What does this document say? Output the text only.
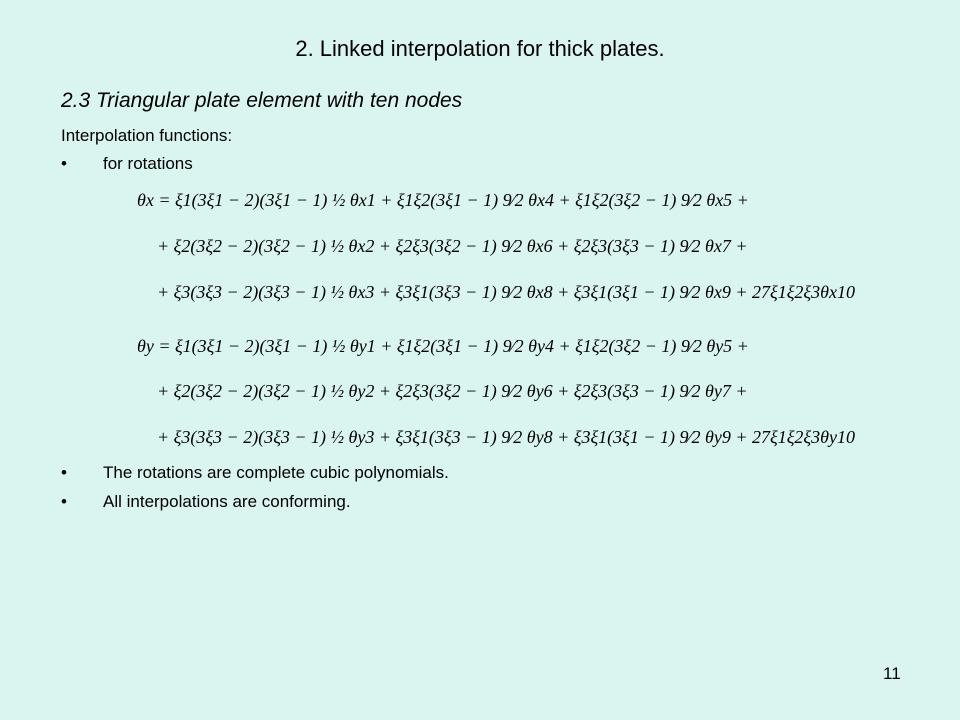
2. Linked interpolation for thick plates.
2.3 Triangular plate element with ten nodes
Interpolation functions:
• for rotations
θx = ξ1(3ξ1 − 2)(3ξ1 − 1) ½ θx1 + ξ1ξ2(3ξ1 − 1) 9⁄2 θx4 + ξ1ξ2(3ξ2 − 1) 9⁄2 θx5 +
+ ξ2(3ξ2 − 2)(3ξ2 − 1) ½ θx2 + ξ2ξ3(3ξ2 − 1) 9⁄2 θx6 + ξ2ξ3(3ξ3 − 1) 9⁄2 θx7 +
+ ξ3(3ξ3 − 2)(3ξ3 − 1) ½ θx3 + ξ3ξ1(3ξ3 − 1) 9⁄2 θx8 + ξ3ξ1(3ξ1 − 1) 9⁄2 θx9 + 27ξ1ξ2ξ3θx10
θy = ξ1(3ξ1 − 2)(3ξ1 − 1) ½ θy1 + ξ1ξ2(3ξ1 − 1) 9⁄2 θy4 + ξ1ξ2(3ξ2 − 1) 9⁄2 θy5 +
+ ξ2(3ξ2 − 2)(3ξ2 − 1) ½ θy2 + ξ2ξ3(3ξ2 − 1) 9⁄2 θy6 + ξ2ξ3(3ξ3 − 1) 9⁄2 θy7 +
+ ξ3(3ξ3 − 2)(3ξ3 − 1) ½ θy3 + ξ3ξ1(3ξ3 − 1) 9⁄2 θy8 + ξ3ξ1(3ξ1 − 1) 9⁄2 θy9 + 27ξ1ξ2ξ3θy10
• The rotations are complete cubic polynomials.
• All interpolations are conforming.
11
